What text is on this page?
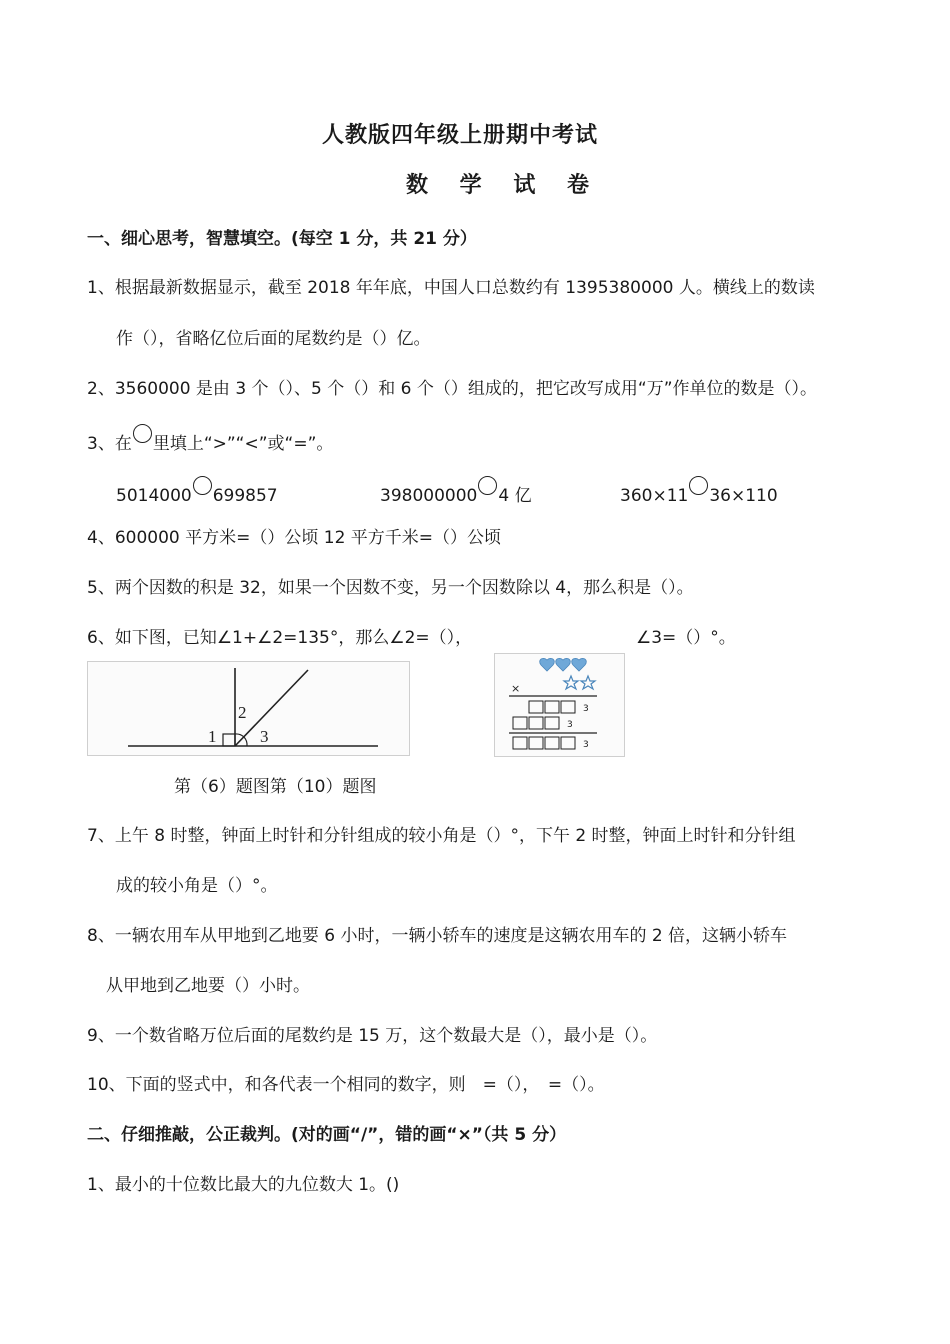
人教版四年级上册期中考试
数 学 试 卷
一、细心思考，智慧填空。(每空 1 分，共 21 分）
1、根据最新数据显示，截至 2018 年年底，中国人口总数约有 1395380000 人。横线上的数读
作（），省略亿位后面的尾数约是（）亿。
2、3560000 是由 3 个（）、5 个（）和 6 个（）组成的，把它改写成用“万”作单位的数是（）。
3、在 里填上“>”“<”或“=”。
5014000 699857	398000000 4 亿	360×11 36×110
4、600000 平方米=（）公顷 12 平方千米=（）公顷
5、两个因数的积是 32，如果一个因数不变，另一个因数除以 4，那么积是（）。
6、如下图，已知∠1+∠2=135°，那么∠2=（），	∠3=（）°。
1
2
3
×
3
3
3
第（6）题图第（10）题图
7、上午 8 时整，钟面上时针和分针组成的较小角是（）°，下午 2 时整，钟面上时针和分针组
成的较小角是（）°。
8、一辆农用车从甲地到乙地要 6 小时，一辆小轿车的速度是这辆农用车的 2 倍，这辆小轿车
从甲地到乙地要（）小时。
9、一个数省略万位后面的尾数约是 15 万，这个数最大是（），最小是（）。
10、下面的竖式中，和各代表一个相同的数字，则　=（），　=（）。
二、仔细推敲，公正裁判。(对的画“/”，错的画“×”（共 5 分）
1、最小的十位数比最大的九位数大 1。()
